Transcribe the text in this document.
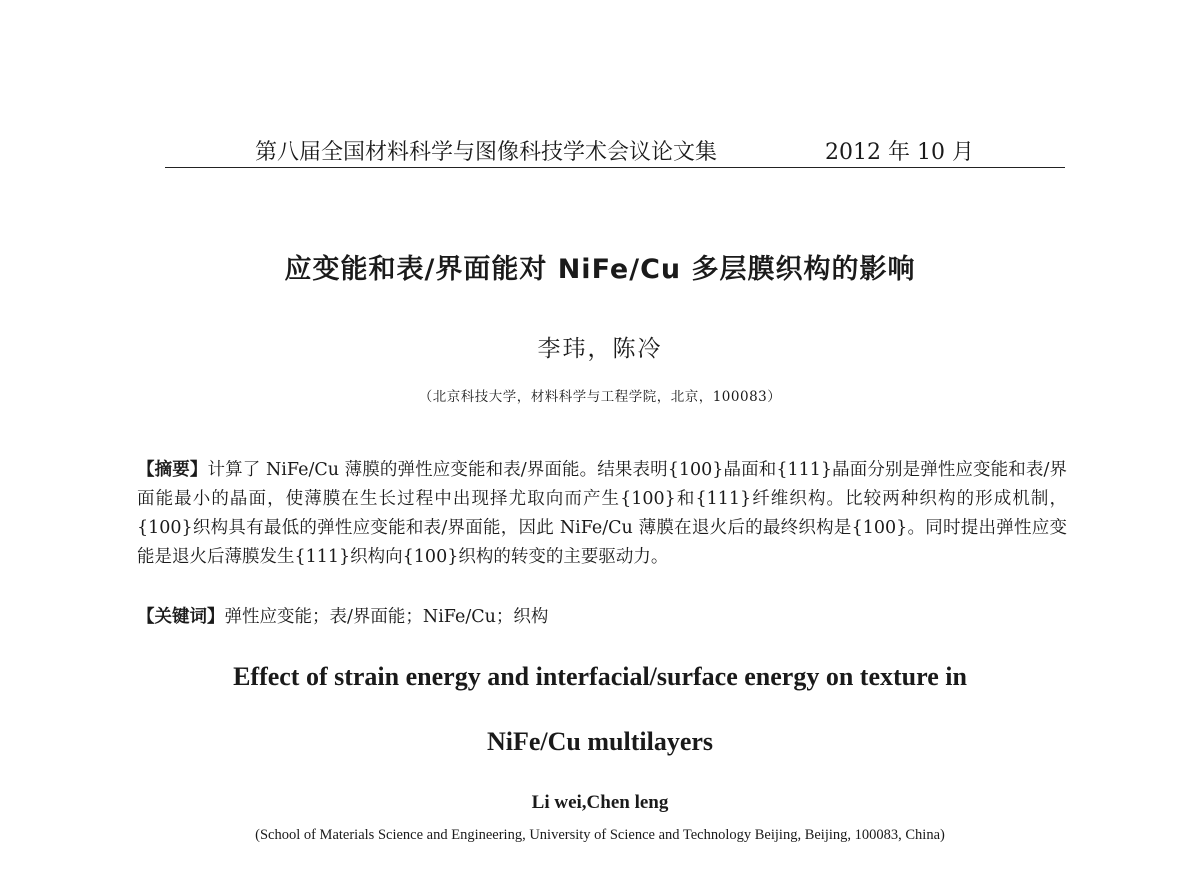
第八届全国材料科学与图像科技学术会议论文集	2012 年 10 月
应变能和表/界面能对 NiFe/Cu 多层膜织构的影响
李玮，陈冷
（北京科技大学，材料科学与工程学院，北京，100083）
【摘要】计算了 NiFe/Cu 薄膜的弹性应变能和表/界面能。结果表明{100}晶面和{111}晶面分别是弹性应变能和表/界面能最小的晶面，使薄膜在生长过程中出现择尤取向而产生{100}和{111}纤维织构。比较两种织构的形成机制，{100}织构具有最低的弹性应变能和表/界面能，因此 NiFe/Cu 薄膜在退火后的最终织构是{100}。同时提出弹性应变能是退火后薄膜发生{111}织构向{100}织构的转变的主要驱动力。
【关键词】弹性应变能；表/界面能；NiFe/Cu；织构
Effect of strain energy and interfacial/surface energy on texture in
NiFe/Cu multilayers
Li wei,Chen leng
(School of Materials Science and Engineering, University of Science and Technology Beijing, Beijing, 100083, China)
